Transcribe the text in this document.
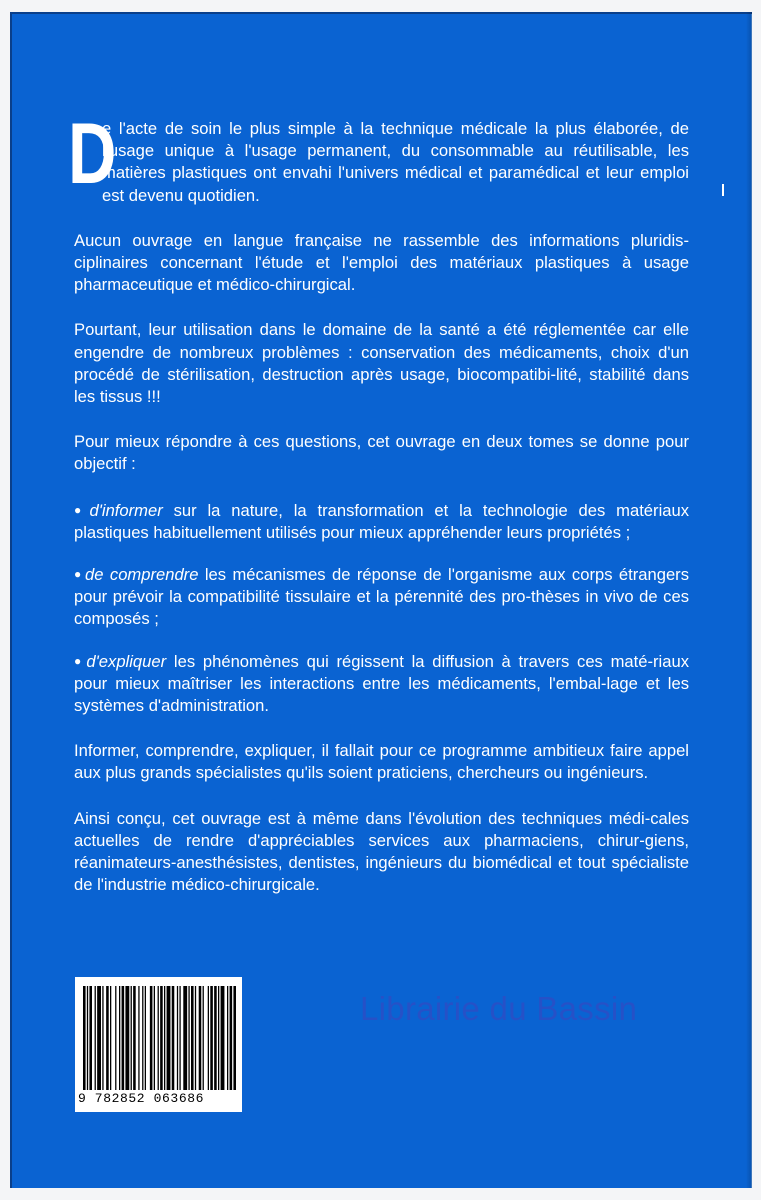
D
e l'acte de soin le plus simple à la technique médicale la plus élaborée, de l'usage unique à l'usage permanent, du consommable au réutilisable, les matières plastiques ont envahi l'univers médical et paramédical et leur emploi est devenu quotidien.

Aucun ouvrage en langue française ne rassemble des informations pluridis-ciplinaires concernant l'étude et l'emploi des matériaux plastiques à usage pharmaceutique et médico-chirurgical.

Pourtant, leur utilisation dans le domaine de la santé a été réglementée car elle engendre de nombreux problèmes : conservation des médicaments, choix d'un procédé de stérilisation, destruction après usage, biocompatibi-lité, stabilité dans les tissus !!!

Pour mieux répondre à ces questions, cet ouvrage en deux tomes se donne pour objectif :

● d'informer sur la nature, la transformation et la technologie des matériaux plastiques habituellement utilisés pour mieux appréhender leurs propriétés ;

● de comprendre les mécanismes de réponse de l'organisme aux corps étrangers pour prévoir la compatibilité tissulaire et la pérennité des pro-thèses in vivo de ces composés ;

● d'expliquer les phénomènes qui régissent la diffusion à travers ces maté-riaux pour mieux maîtriser les interactions entre les médicaments, l'embal-lage et les systèmes d'administration.

Informer, comprendre, expliquer, il fallait pour ce programme ambitieux faire appel aux plus grands spécialistes qu'ils soient praticiens, chercheurs ou ingénieurs.

Ainsi conçu, cet ouvrage est à même dans l'évolution des techniques médi-cales actuelles de rendre d'appréciables services aux pharmaciens, chirur-giens, réanimateurs-anesthésistes, dentistes, ingénieurs du biomédical et tout spécialiste de l'industrie médico-chirurgicale.

9 782852 063686
Librairie du Bassin
